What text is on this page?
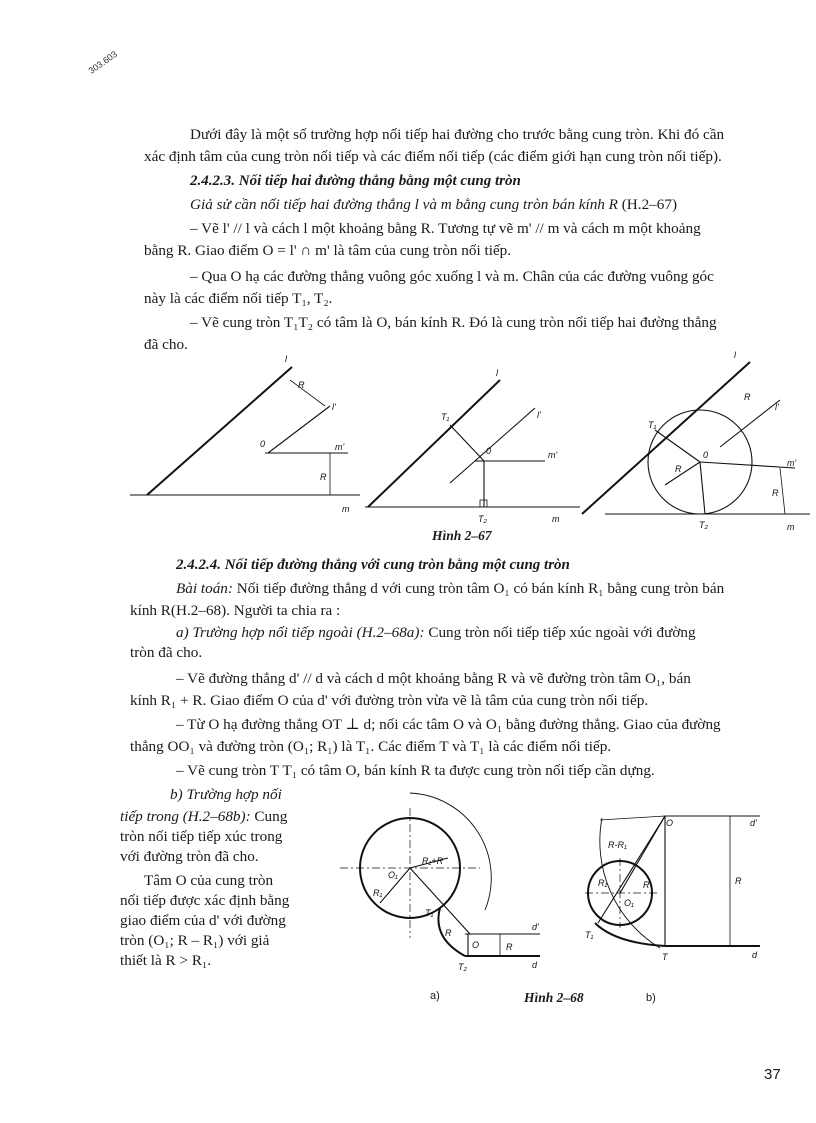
303.603
Dưới đây là một số trường hợp nối tiếp hai đường cho trước bằng cung tròn. Khi đó cần
xác định tâm của cung tròn nối tiếp và các điểm nối tiếp (các điểm giới hạn cung tròn nối tiếp).
2.4.2.3. Nối tiếp hai đường thẳng bằng một cung tròn
Giả sử cần nối tiếp hai đường thẳng l và m bằng cung tròn bán kính R (H.2–67)
– Vẽ l' // l và cách l một khoảng bằng R. Tương tự vẽ m' // m và cách m một khoảng
bằng R. Giao điểm O = l' ∩ m' là tâm của cung tròn nối tiếp.
– Qua O hạ các đường thẳng vuông góc xuống l và m. Chân của các đường vuông góc
này là các điểm nối tiếp T₁, T₂.
– Vẽ cung tròn T₁T₂ có tâm là O, bán kính R. Đó là cung tròn nối tiếp hai đường thẳng
đã cho.
l
l'
R
0	m'
R
m
l
l'
T₁
0	m'
T₂	m
l
l'
R
T₁
0
R
m'
R
T₂	m
Hình 2–67
2.4.2.4. Nối tiếp đường thẳng với cung tròn bằng một cung tròn
Bài toán: Nối tiếp đường thẳng d với cung tròn tâm O₁ có bán kính R₁ bằng cung tròn bán
kính R(H.2–68). Người ta chia ra :
a) Trường hợp nối tiếp ngoài (H.2–68a): Cung tròn nối tiếp tiếp xúc ngoài với đường
tròn đã cho.
– Vẽ đường thẳng d' // d và cách d một khoảng bằng R và vẽ đường tròn tâm O₁, bán
kính R₁ + R. Giao điểm O của d' với đường tròn vừa vẽ là tâm của cung tròn nối tiếp.
– Từ O hạ đường thẳng OT ⊥ d; nối các tâm O và O₁ bằng đường thẳng. Giao của đường
thẳng OO₁ và đường tròn (O₁; R₁) là T₁. Các điểm T và T₁ là các điểm nối tiếp.
– Vẽ cung tròn T T₁ có tâm O, bán kính R ta được cung tròn nối tiếp cần dựng.
b) Trường hợp nối
tiếp trong (H.2–68b): Cung
tròn nối tiếp tiếp xúc trong
với đường tròn đã cho.
Tâm O của cung tròn
nối tiếp được xác định bằng
giao điểm của d' với đường
tròn (O₁; R – R₁) với giả
thiết là R > R₁.
O₁
R₁+R
R₁
T₁
R
O
d'
R
T₂	d
R-R₁
O	d'
R₁	R
O₁
T₁
T
R
d
a)	Hình 2–68	b)
37
